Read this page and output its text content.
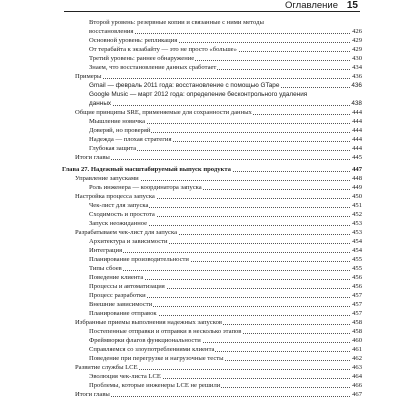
Оглавление 15
Второй уровень: резервные копии и связанные с ними методы
восстановления	426
Основной уровень: репликация	429
От терабайта к экзабайту — это не просто «больше»	429
Третий уровень: раннее обнаружение	430
Знаем, что восстановление данных сработает	434
Примеры	436
Gmail — февраль 2011 года: восстановление с помощью GTape	436
Google Music — март 2012 года: определение бесконтрольного удаления
данных	438
Общие принципы SRE, применяемые для сохранности данных	444
Мышление новичка	444
Доверяй, но проверяй	444
Надежда — плохая стратегия	444
Глубокая защита	444
Итоги главы	445
Глава 27. Надежный масштабируемый выпуск продукта	447
Управление запусками	448
Роль инженера — координатора запуска	449
Настройка процесса запуска	450
Чек-лист для запуска	451
Сходимость и простота	452
Запуск неожиданное	453
Разрабатываем чек-лист для запуска	453
Архитектура и зависимости	454
Интеграция	454
Планирование производительности	455
Типы сбоев	455
Поведение клиента	456
Процессы и автоматизация	456
Процесс разработки	457
Внешние зависимости	457
Планирование отправок	457
Избранные приемы выполнения надежных запусков	458
Постепенные отправки и отправки в несколько этапов	458
Фреймворки флагов функциональности	460
Справляемся со злоупотреблениями клиента	461
Поведение при перегрузке и нагрузочные тесты	462
Развитие службы LCE	463
Эволюция чек-листа LCE	464
Проблемы, которые инженеры LCE не решили	466
Итоги главы	467
